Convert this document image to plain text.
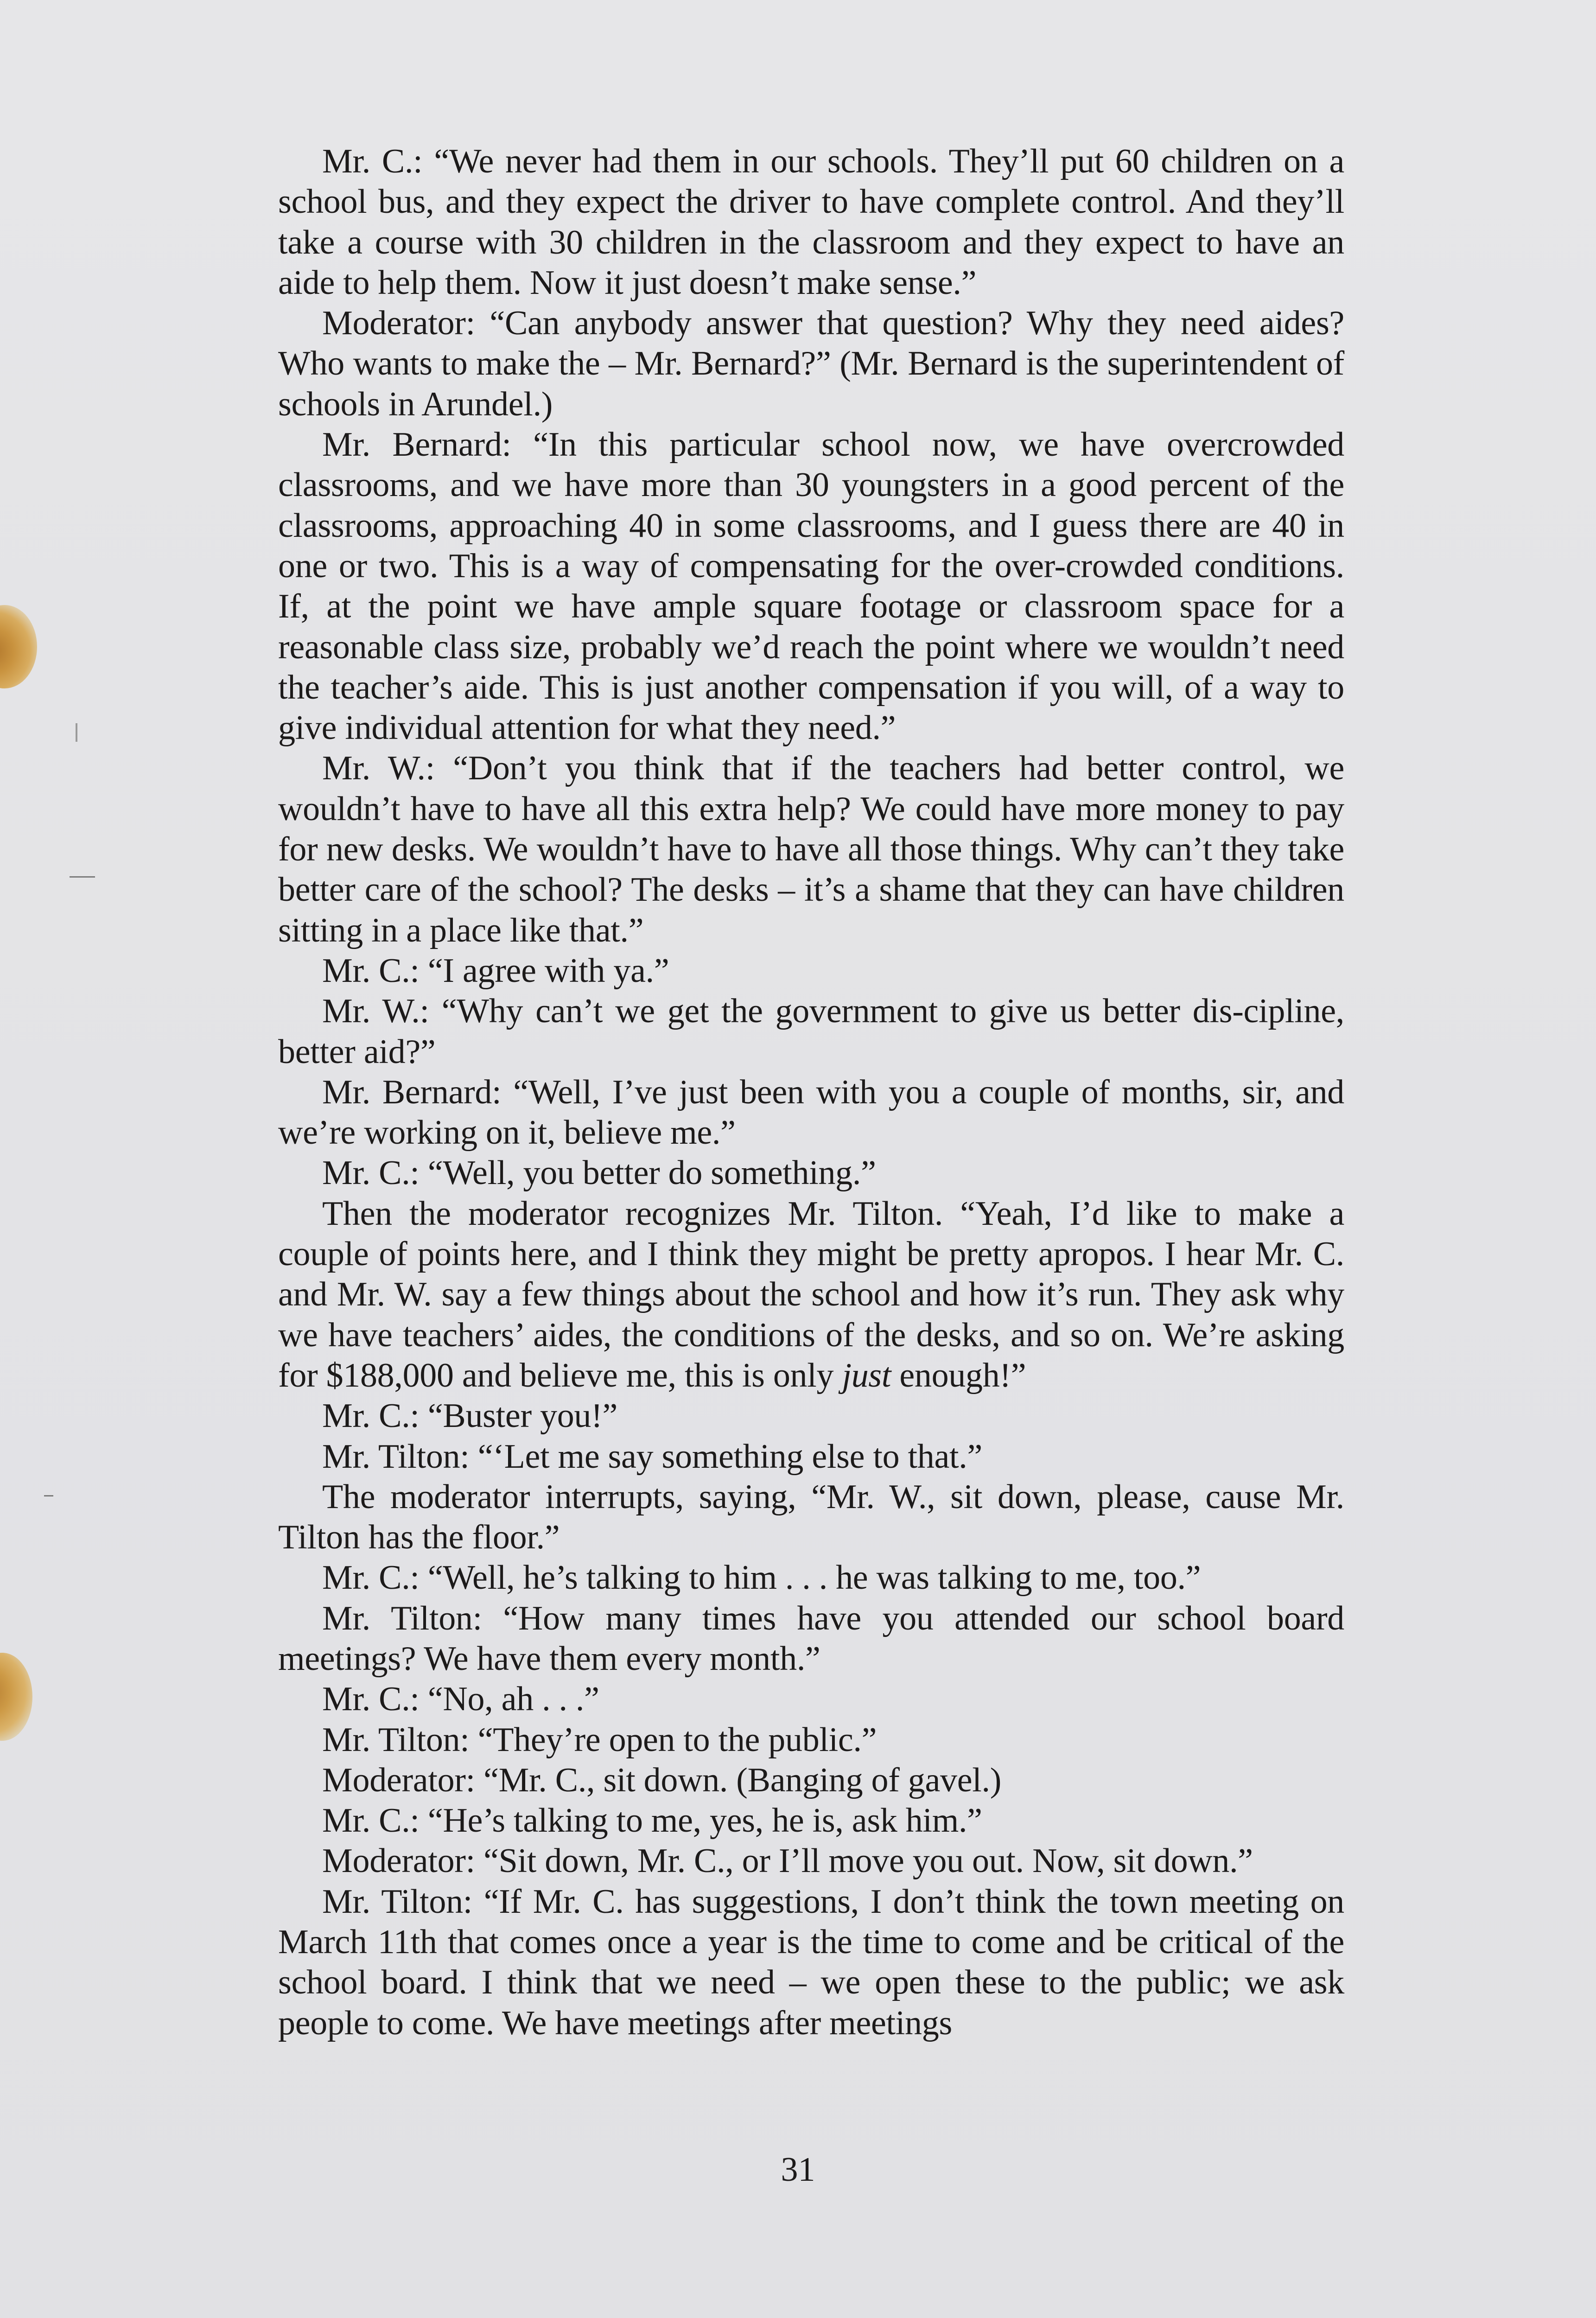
Mr. C.: “We never had them in our schools. They’ll put 60 children on a school bus, and they expect the driver to have complete control. And they’ll take a course with 30 children in the classroom and they expect to have an aide to help them. Now it just doesn’t make sense.”

Moderator: “Can anybody answer that question? Why they need aides? Who wants to make the – Mr. Bernard?” (Mr. Bernard is the superintendent of schools in Arundel.)

Mr. Bernard: “In this particular school now, we have overcrowded classrooms, and we have more than 30 youngsters in a good percent of the classrooms, approaching 40 in some classrooms, and I guess there are 40 in one or two. This is a way of compensating for the over-crowded conditions. If, at the point we have ample square footage or classroom space for a reasonable class size, probably we’d reach the point where we wouldn’t need the teacher’s aide. This is just another compensation if you will, of a way to give individual attention for what they need.”

Mr. W.: “Don’t you think that if the teachers had better control, we wouldn’t have to have all this extra help? We could have more money to pay for new desks. We wouldn’t have to have all those things. Why can’t they take better care of the school? The desks – it’s a shame that they can have children sitting in a place like that.”

Mr. C.: “I agree with ya.”

Mr. W.: “Why can’t we get the government to give us better dis-cipline, better aid?”

Mr. Bernard: “Well, I’ve just been with you a couple of months, sir, and we’re working on it, believe me.”

Mr. C.: “Well, you better do something.”

Then the moderator recognizes Mr. Tilton. “Yeah, I’d like to make a couple of points here, and I think they might be pretty apropos. I hear Mr. C. and Mr. W. say a few things about the school and how it’s run. They ask why we have teachers’ aides, the conditions of the desks, and so on. We’re asking for $188,000 and believe me, this is only just enough!”

Mr. C.: “Buster you!”

Mr. Tilton: “‘Let me say something else to that.”

The moderator interrupts, saying, “Mr. W., sit down, please, cause Mr. Tilton has the floor.”

Mr. C.: “Well, he’s talking to him . . . he was talking to me, too.”

Mr. Tilton: “How many times have you attended our school board meetings? We have them every month.”

Mr. C.: “No, ah . . .”

Mr. Tilton: “They’re open to the public.”

Moderator: “Mr. C., sit down. (Banging of gavel.)

Mr. C.: “He’s talking to me, yes, he is, ask him.”

Moderator: “Sit down, Mr. C., or I’ll move you out. Now, sit down.”

Mr. Tilton: “If Mr. C. has suggestions, I don’t think the town meeting on March 11th that comes once a year is the time to come and be critical of the school board. I think that we need – we open these to the public; we ask people to come. We have meetings after meetings

31
